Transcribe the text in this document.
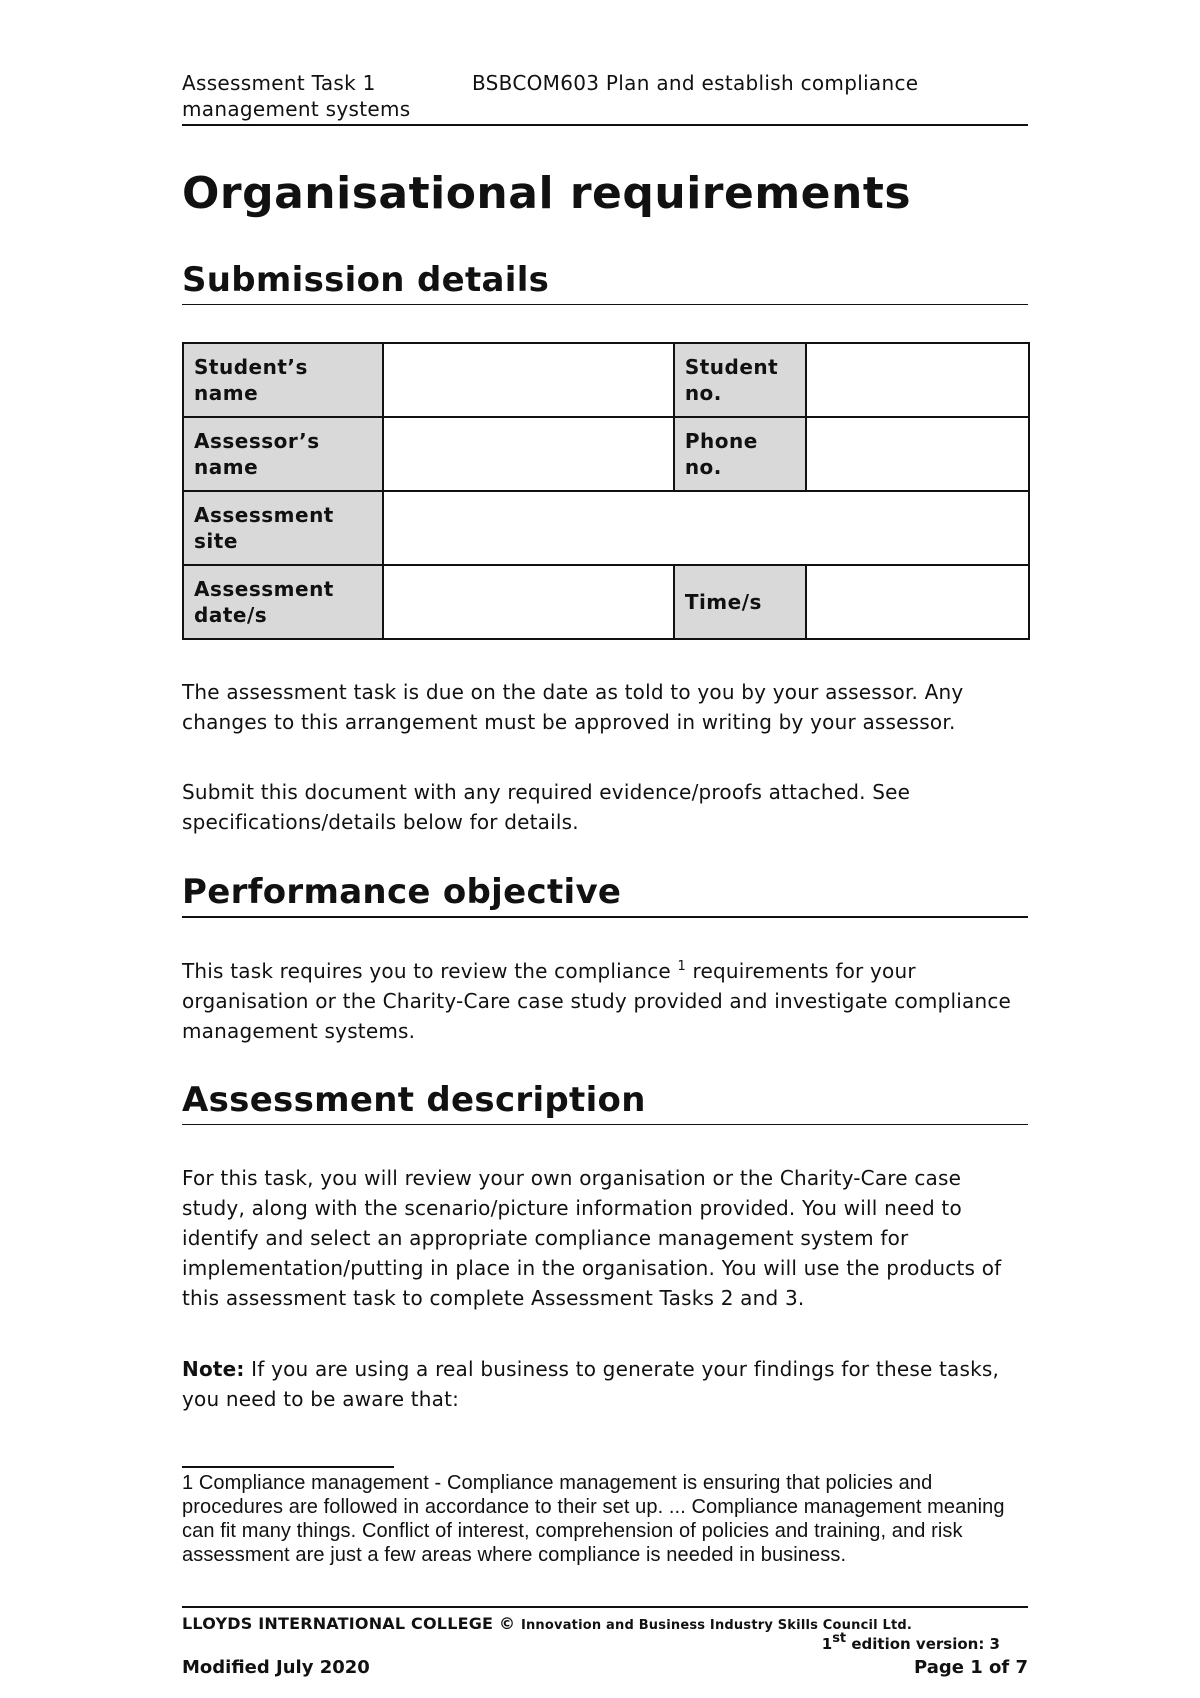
Assessment Task 1	BSBCOM603 Plan and establish compliance management systems
Organisational requirements
Submission details
Student’s name		Student no.	
Assessor’s name		Phone no.	
Assessment site			
Assessment date/s		Time/s	
The assessment task is due on the date as told to you by your assessor. Any changes to this arrangement must be approved in writing by your assessor.
Submit this document with any required evidence/proofs attached. See specifications/details below for details.
Performance objective
This task requires you to review the compliance $^1$ requirements for your organisation or the Charity-Care case study provided and investigate compliance management systems.
Assessment description
For this task, you will review your own organisation or the Charity-Care case study, along with the scenario/picture information provided. You will need to identify and select an appropriate compliance management system for implementation/putting in place in the organisation. You will use the products of this assessment task to complete Assessment Tasks 2 and 3.
Note: If you are using a real business to generate your findings for these tasks, you need to be aware that:
1 Compliance management - Compliance management is ensuring that policies and procedures are followed in accordance to their set up. ... Compliance management meaning can fit many things. Conflict of interest, comprehension of policies and training, and risk assessment are just a few areas where compliance is needed in business.
LLOYDS INTERNATIONAL COLLEGE © Innovation and Business Industry Skills Council Ltd.
1st edition version: 3
Modified July 2020	Page 1 of 7
